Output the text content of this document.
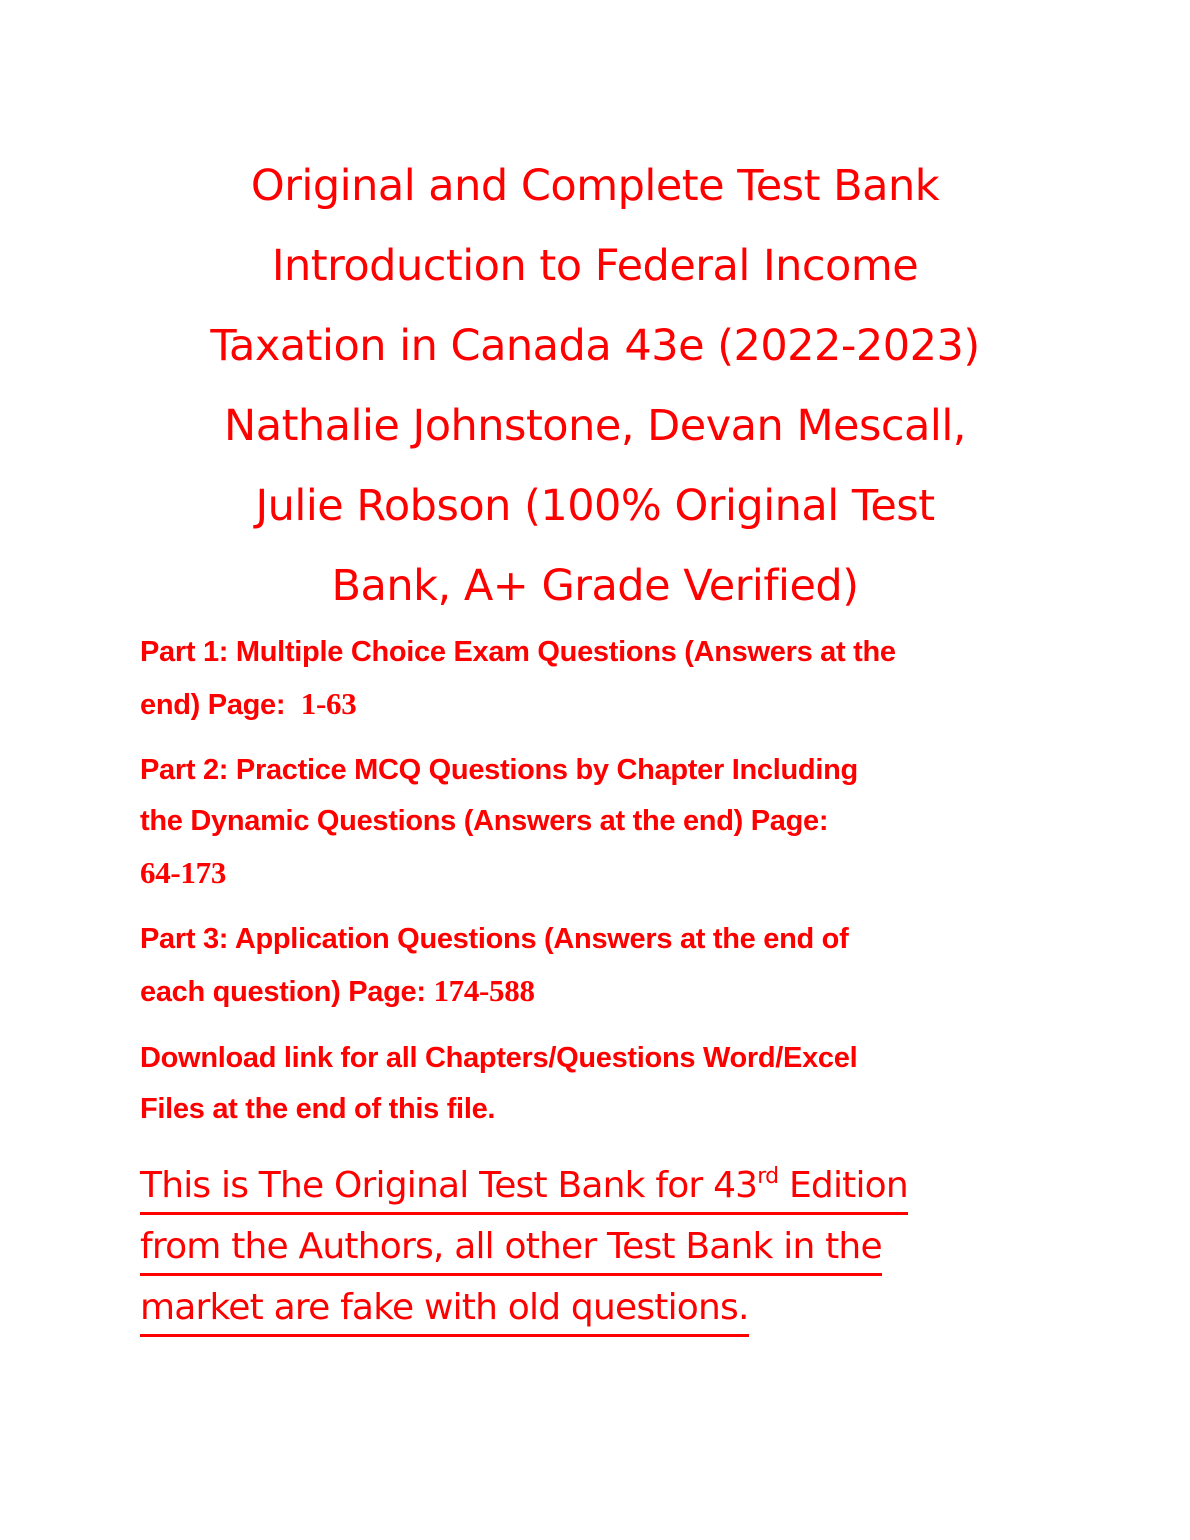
Original and Complete Test Bank
Introduction to Federal Income
Taxation in Canada 43e (2022-2023)
Nathalie Johnstone, Devan Mescall,
Julie Robson (100% Original Test
Bank, A+ Grade Verified)

Part 1: Multiple Choice Exam Questions (Answers at the
end) Page: 1-63

Part 2: Practice MCQ Questions by Chapter Including
the Dynamic Questions (Answers at the end) Page:
64-173

Part 3: Application Questions (Answers at the end of
each question) Page: 174-588

Download link for all Chapters/Questions Word/Excel
Files at the end of this file.

This is The Original Test Bank for 43rd Edition
from the Authors, all other Test Bank in the
market are fake with old questions.
